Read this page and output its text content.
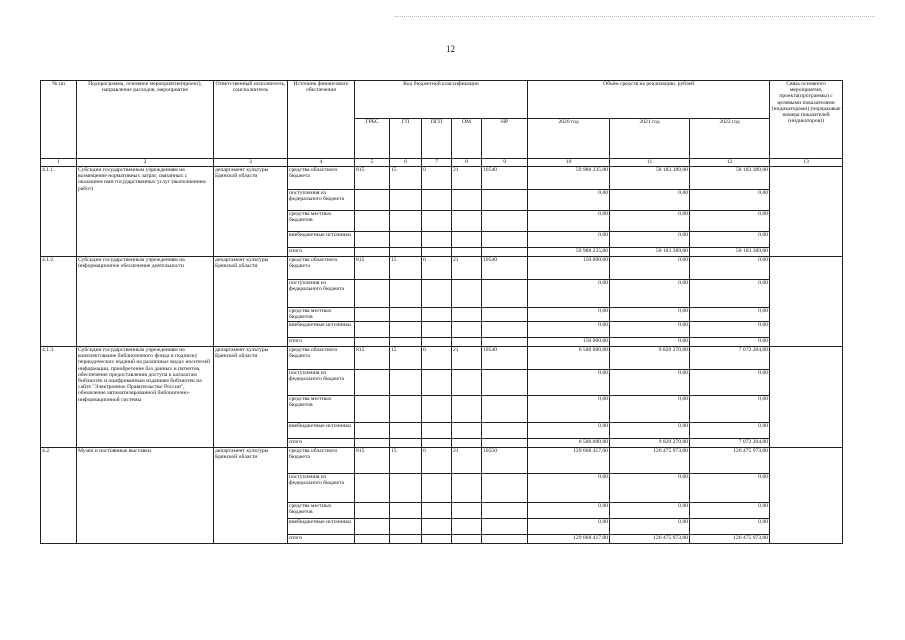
12
№ пп	Подпрограмма, основное мероприятие(проект), направление расходов, мероприятие	Ответственный исполнитель, соисполнитель	Источник финансового обеспечения	Код бюджетной классификации					Объём средств на реализацию, рублей			Связь основного мероприятия, проекта(программы) с целевыми показателями (индикаторами) (порядковые номера показателей (индикаторов))
				ГРБС	ГП	ПГП	ОМ	НР	2020 год	2021 год	2022 год	
1	2	3	4	5	6	7	8	9	10	11	12	13
4.1.1.	Субсидии государственным учреждениям на возмещение нормативных затрат, связанных с оказанием ими государственных услуг (выполнением работ)	департамент культуры Брянской области	средства областного бюджета	815	15	0	21	10540	59 988 235,00	58 183 389,00	58 183 389,00	
			поступления из федерального бюджета						0,00	0,00	0,00	
			средства местных бюджетов						0,00	0,00	0,00	
			внебюджетные источники						0,00	0,00	0,00	
			итого						59 988 235,00	58 183 389,00	58 183 389,00	
4.1.2.	Субсидии государственным учреждениям на информационное обеспечение деятельности	департамент культуры Брянской области	средства областного бюджета	815	15	0	21	10540	150 000,00	0,00	0,00	
			поступления из федерального бюджета						0,00	0,00	0,00	
			средства местных бюджетов						0,00	0,00	0,00	
			внебюджетные источники						0,00	0,00	0,00	
			итого						150 000,00	0,00	0,00	
4.1.3.	Субсидии государственным учреждениям на комплектование библиотечного фонда и подписку периодических изданий на различных видах носителей информации, приобретение баз данных и патентов, обеспечение предоставления доступа к каталогам библиотек и оцифрованным изданиям библиотек на сайте "Электронное Правительство России", обновление автоматизированной библиотечно-информационной системы	департамент культуры Брянской области	средства областного бюджета	815	15	0	21	10540	6 500 000,00	9 829 270,00	7 072 204,00	
			поступления из федерального бюджета						0,00	0,00	0,00	
			средства местных бюджетов						0,00	0,00	0,00	
			внебюджетные источники						0,00	0,00	0,00	
			итого						6 500 000,00	9 829 270,00	7 072 204,00	
4.2.	Музеи и постоянные выставки	департамент культуры Брянской области	средства областного бюджета	815	15	0	21	10550	129 668 417,00	126 475 973,00	126 475 973,00	
			поступления из федерального бюджета						0,00	0,00	0,00	
			средства местных бюджетов						0,00	0,00	0,00	
			внебюджетные источники						0,00	0,00	0,00	
			итого						129 668 417,00	126 475 973,00	126 475 973,00	
